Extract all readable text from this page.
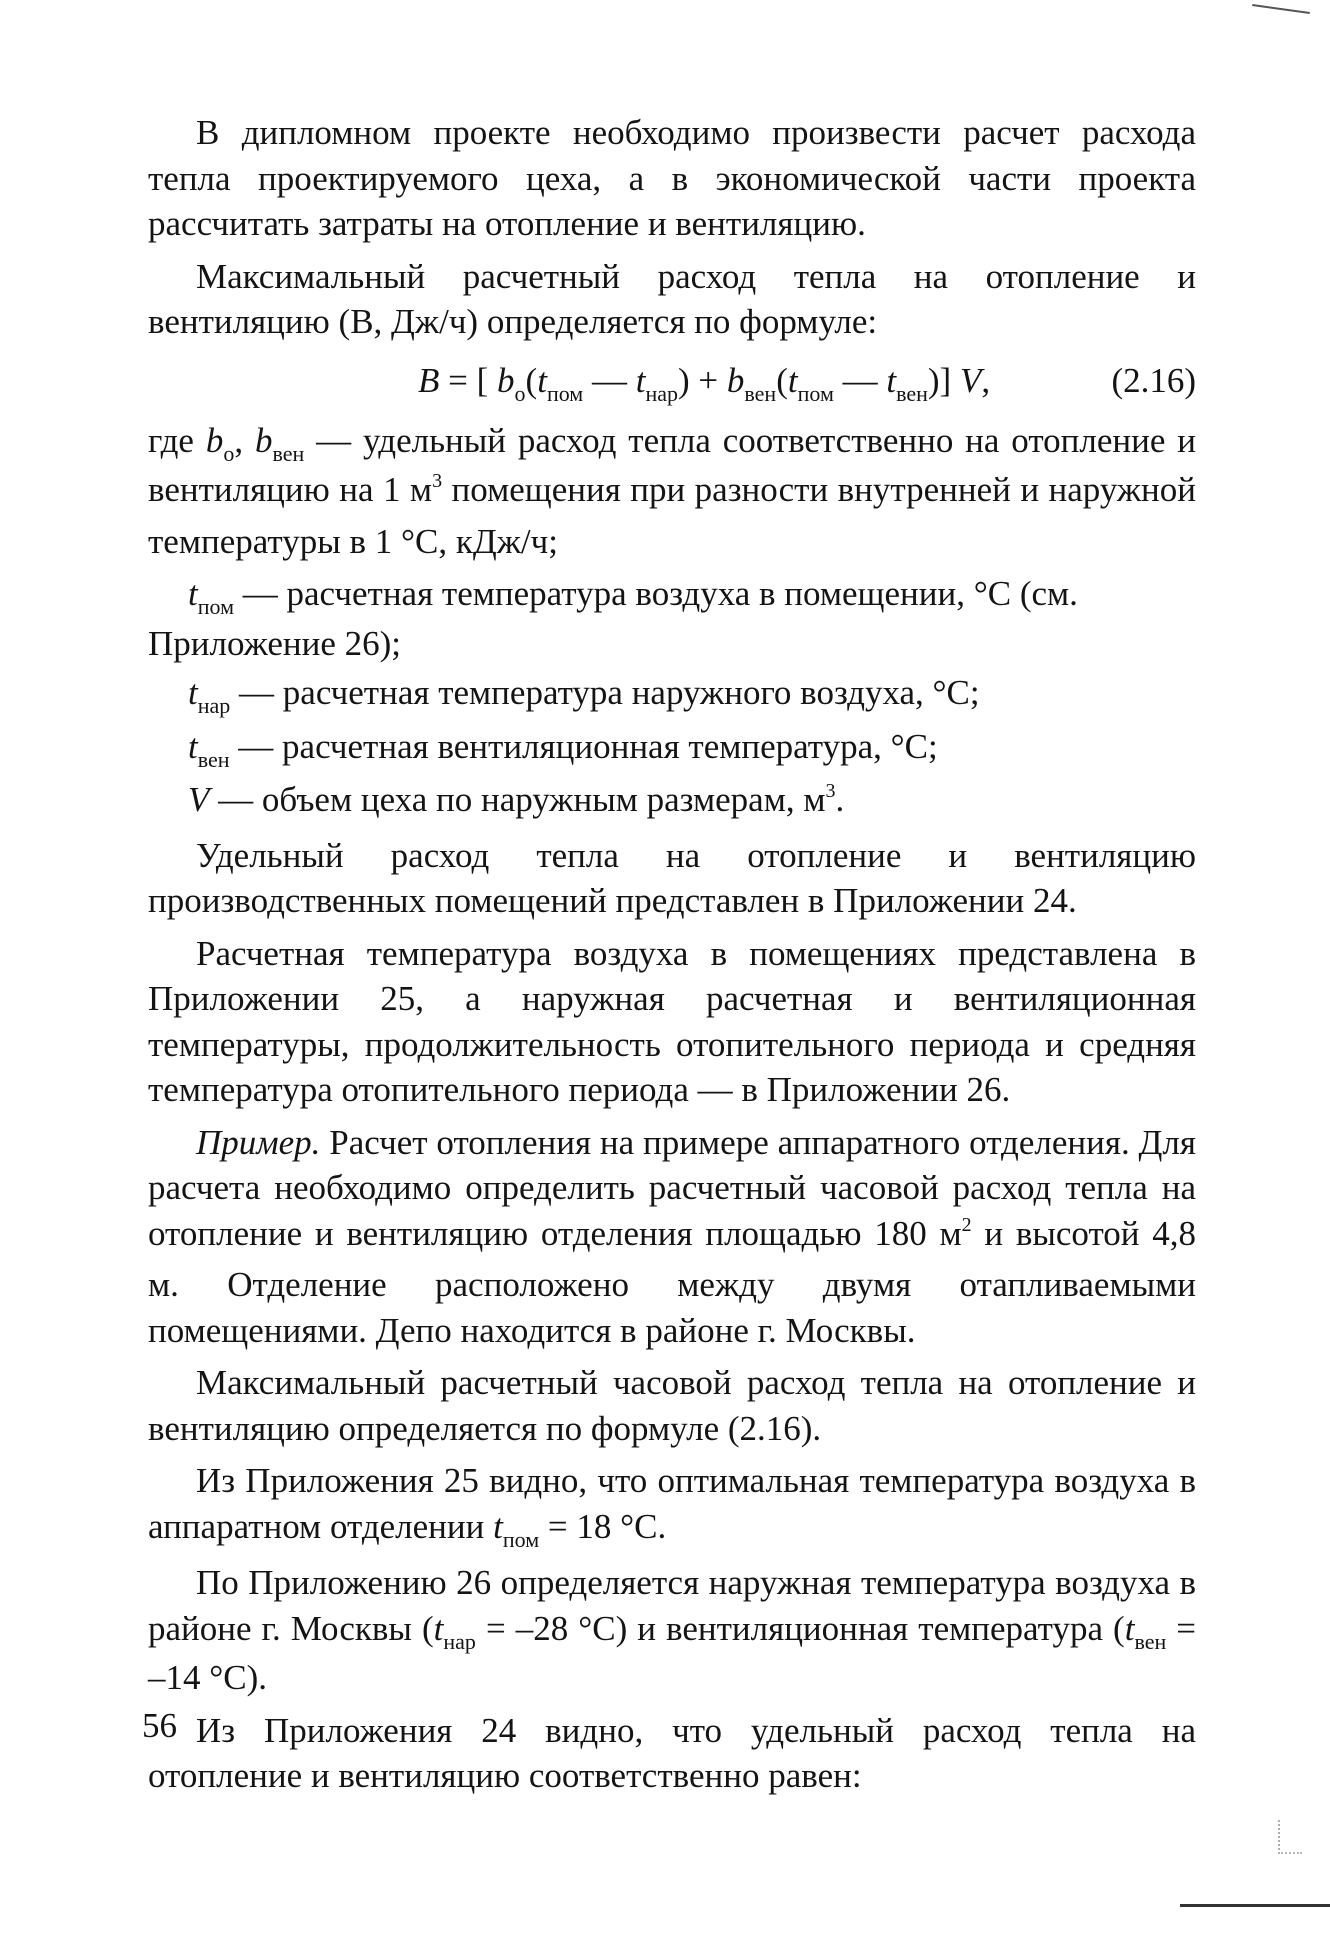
В дипломном проекте необходимо произвести расчет расхода тепла проектируемого цеха, а в экономической части проекта рассчитать затраты на отопление и вентиляцию.

Максимальный расчетный расход тепла на отопление и вентиляцию (В, Дж/ч) определяется по формуле:

B = [ $b_о(t_{пом}$ — $t_{нар}) + b_{вен}(t_{пом}$ — $t_{вен}$)] V,	(2.16)

где $b_о$, $b_{вен}$ — удельный расход тепла соответственно на отопление и вентиляцию на 1 $м^3$ помещения при разности внутренней и наружной температуры в 1 °С, кДж/ч;

$t_{пом}$ — расчетная температура воздуха в помещении, °С (см. Приложение 26);

$t_{нар}$ — расчетная температура наружного воздуха, °С;

$t_{вен}$ — расчетная вентиляционная температура, °С;

V — объем цеха по наружным размерам, $м^3$.

Удельный расход тепла на отопление и вентиляцию производственных помещений представлен в Приложении 24.

Расчетная температура воздуха в помещениях представлена в Приложении 25, а наружная расчетная и вентиляционная температуры, продолжительность отопительного периода и средняя температура отопительного периода — в Приложении 26.

Пример. Расчет отопления на примере аппаратного отделения. Для расчета необходимо определить расчетный часовой расход тепла на отопление и вентиляцию отделения площадью 180 $м^2$ и высотой 4,8 м. Отделение расположено между двумя отапливаемыми помещениями. Депо находится в районе г. Москвы.

Максимальный расчетный часовой расход тепла на отопление и вентиляцию определяется по формуле (2.16).

Из Приложения 25 видно, что оптимальная температура воздуха в аппаратном отделении $t_{пом} = 18$ °С.

По Приложению 26 определяется наружная температура воздуха в районе г. Москвы ($t_{нар} = -28$ °С) и вентиляционная температура ($t_{вен} = -14$ °С).

Из Приложения 24 видно, что удельный расход тепла на отопление и вентиляцию соответственно равен:

56
